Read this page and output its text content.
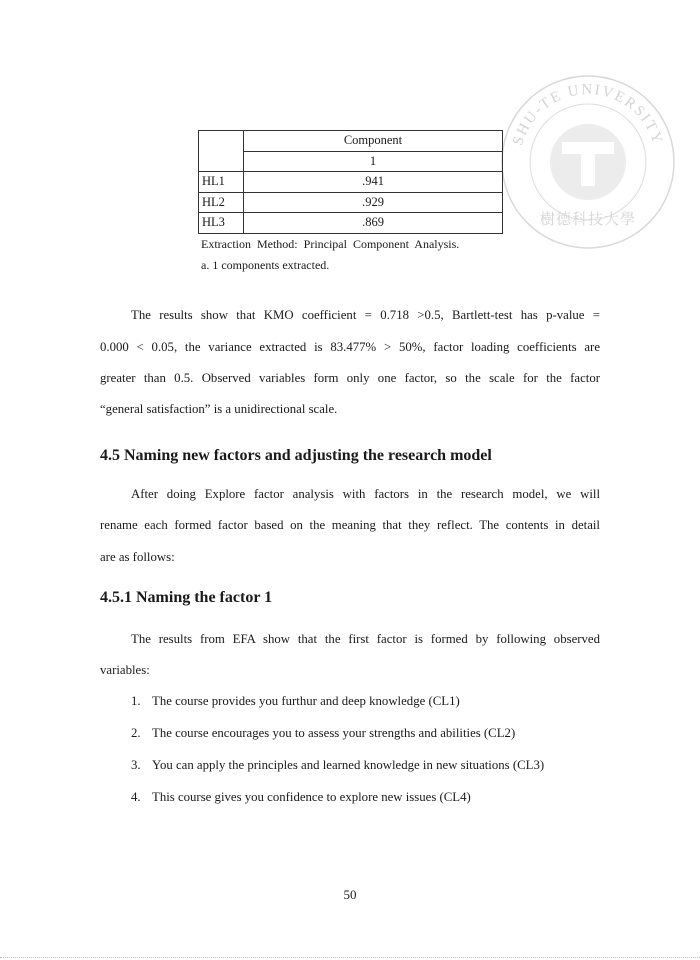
SHU-TE UNIVERSITY
樹德科技大學
	Component
	1
HL1	.941
HL2	.929
HL3	.869
Extraction Method: Principal Component Analysis.
a. 1 components extracted.
The results show that KMO coefficient = 0.718 >0.5, Bartlett-test has p-value =
0.000 < 0.05, the variance extracted is 83.477% > 50%, factor loading coefficients are
greater than 0.5. Observed variables form only one factor, so the scale for the factor
“general satisfaction” is a unidirectional scale.
4.5 Naming new factors and adjusting the research model
After doing Explore factor analysis with factors in the research model, we will
rename each formed factor based on the meaning that they reflect. The contents in detail
are as follows:
4.5.1 Naming the factor 1
The results from EFA show that the first factor is formed by following observed
variables:
1. The course provides you furthur and deep knowledge (CL1)
2. The course encourages you to assess your strengths and abilities (CL2)
3. You can apply the principles and learned knowledge in new situations (CL3)
4. This course gives you confidence to explore new issues (CL4)
50
